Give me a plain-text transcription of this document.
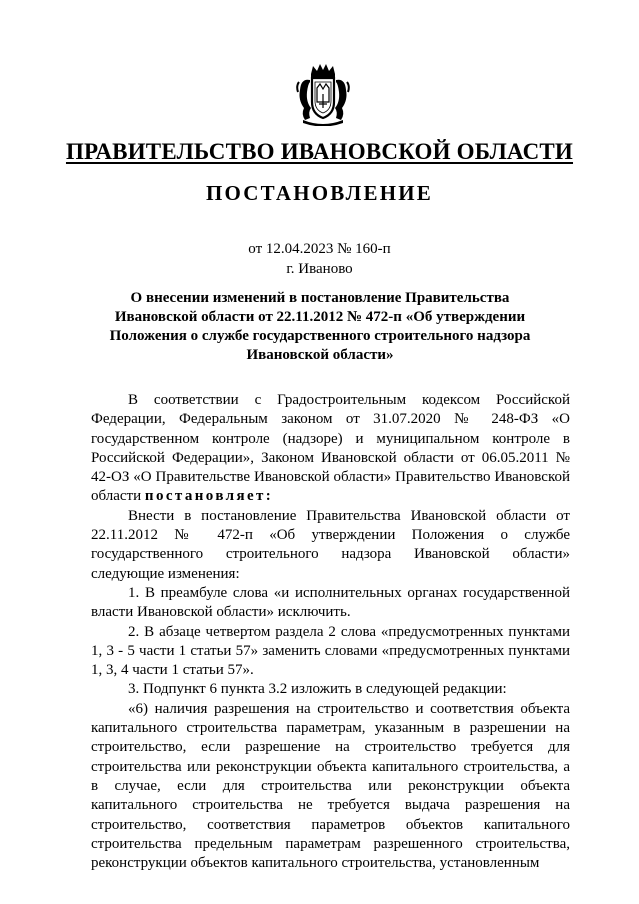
ПРАВИТЕЛЬСТВО ИВАНОВСКОЙ ОБЛАСТИ
ПОСТАНОВЛЕНИЕ
от 12.04.2023 № 160-п
г. Иваново
О внесении изменений в постановление Правительства Ивановской области от 22.11.2012 № 472-п «Об утверждении Положения о службе государственного строительного надзора Ивановской области»

В соответствии с Градостроительным кодексом Российской Федерации, Федеральным законом от 31.07.2020 № 248-ФЗ «О государственном контроле (надзоре) и муниципальном контроле в Российской Федерации», Законом Ивановской области от 06.05.2011 № 42-ОЗ «О Правительстве Ивановской области» Правительство Ивановской области постановляет:

Внести в постановление Правительства Ивановской области от 22.11.2012 № 472-п «Об утверждении Положения о службе государственного строительного надзора Ивановской области» следующие изменения:

1. В преамбуле слова «и исполнительных органах государственной власти Ивановской области» исключить.

2. В абзаце четвертом раздела 2 слова «предусмотренных пунктами 1, 3 - 5 части 1 статьи 57» заменить словами «предусмотренных пунктами 1, 3, 4 части 1 статьи 57».

3. Подпункт 6 пункта 3.2 изложить в следующей редакции:

«6) наличия разрешения на строительство и соответствия объекта капитального строительства параметрам, указанным в разрешении на строительство, если разрешение на строительство требуется для строительства или реконструкции объекта капитального строительства, а в случае, если для строительства или реконструкции объекта капитального строительства не требуется выдача разрешения на строительство, соответствия параметров объектов капитального строительства предельным параметрам разрешенного строительства, реконструкции объектов капитального строительства, установленным
